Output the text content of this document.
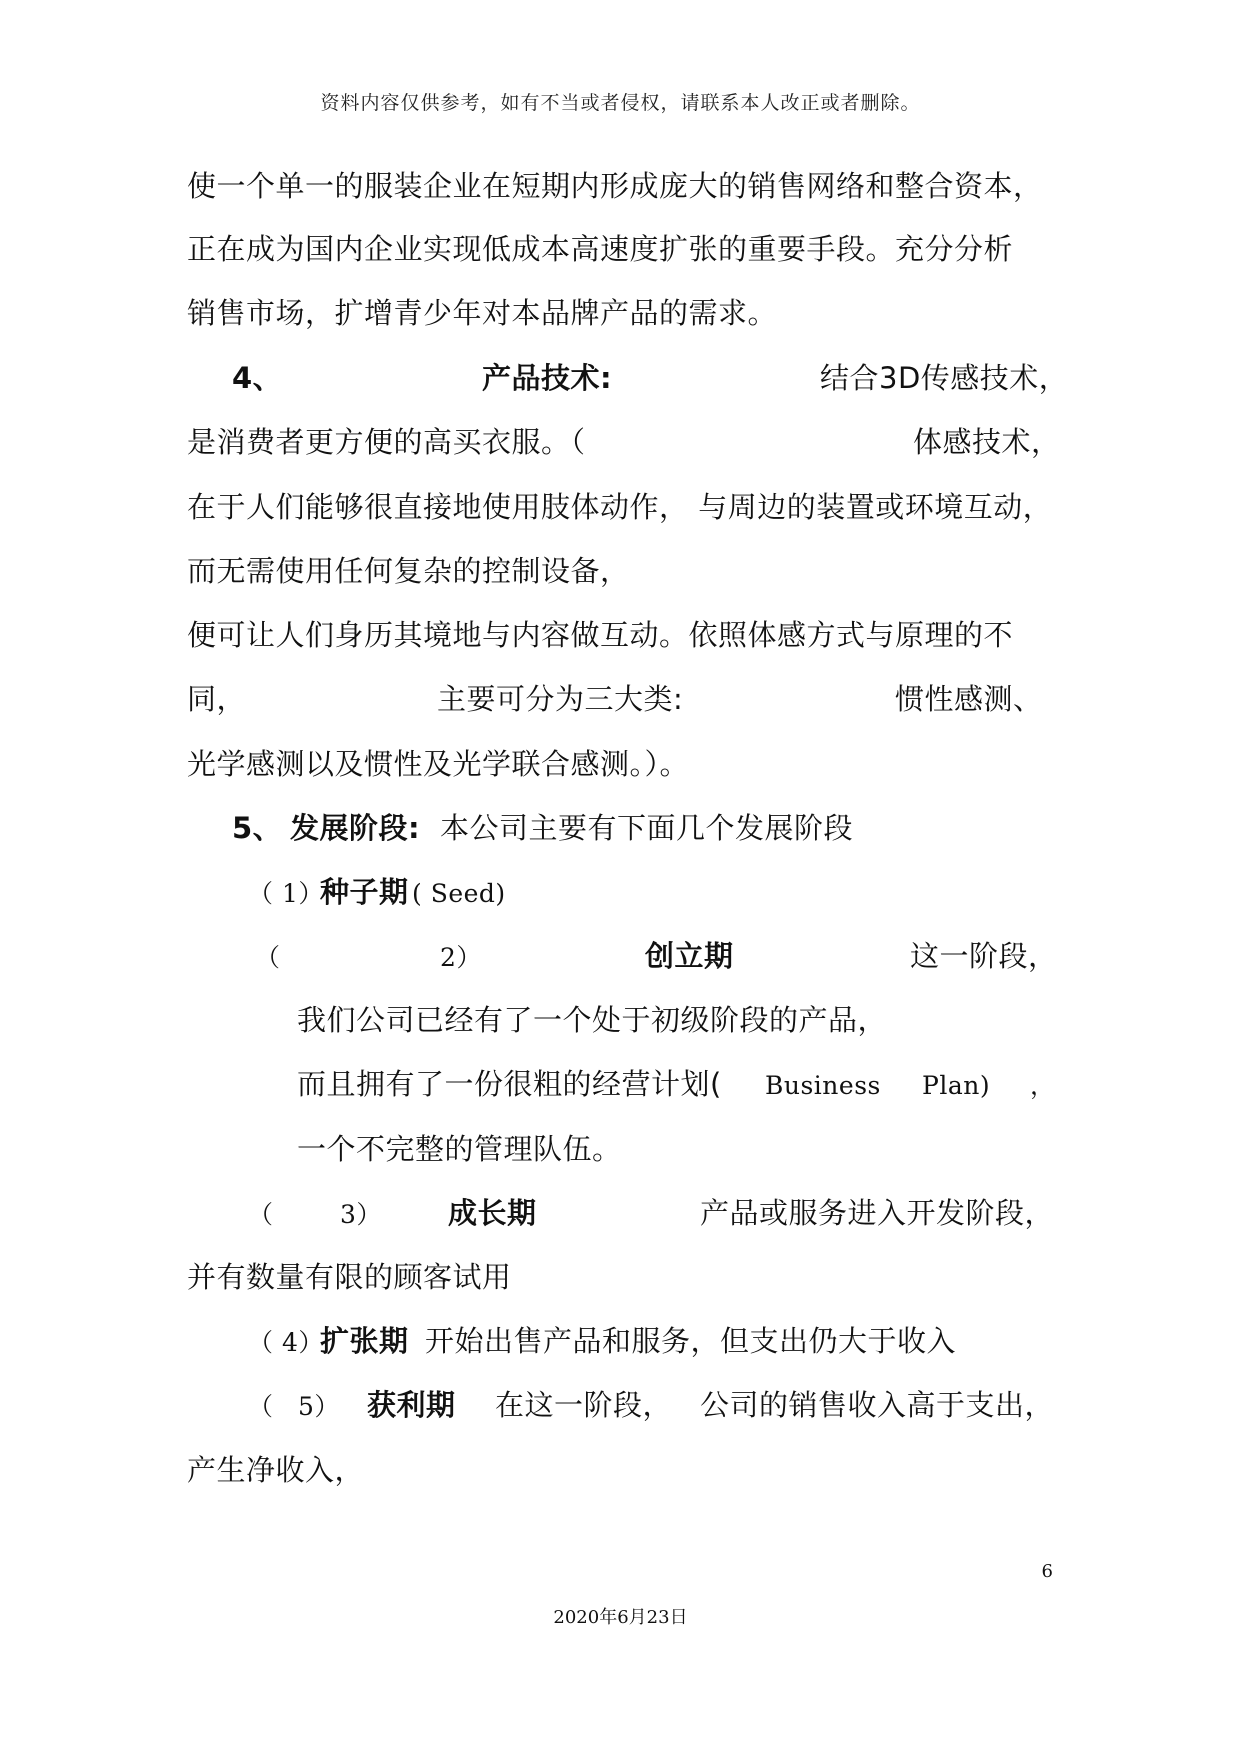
资料内容仅供参考，如有不当或者侵权，请联系本人改正或者删除。
使一个单一的服装企业在短期内形成庞大的销售网络和整合资本，
正在成为国内企业实现低成本高速度扩张的重要手段。充分分析
销售市场，扩增青少年对本品牌产品的需求。
4、	产品技术:	结合3D传感技术，
是消费者更方便的高买衣服。（	体感技术，
在于人们能够很直接地使用肢体动作， 与周边的装置或环境互动，
而无需使用任何复杂的控制设备，
便可让人们身历其境地与内容做互动。依照体感方式与原理的不
同，	主要可分为三大类:	惯性感测、
光学感测以及惯性及光学联合感测。）。
5、 发展阶段: 本公司主要有下面几个发展阶段
（ 1）
种子期 ( Seed)
（	2）	创立期	这一阶段，
我们公司已经有了一个处于初级阶段的产品，
而且拥有了一份很粗的经营计划( Business Plan) ，
一个不完整的管理队伍。
（	3） 成长期	产品或服务进入开发阶段，
并有数量有限的顾客试用
（ 4）
扩张期 开始出售产品和服务，但支出仍大于收入
（ 5） 获利期 在这一阶段， 公司的销售收入高于支出，
产生净收入，
6
2020年6月23日
